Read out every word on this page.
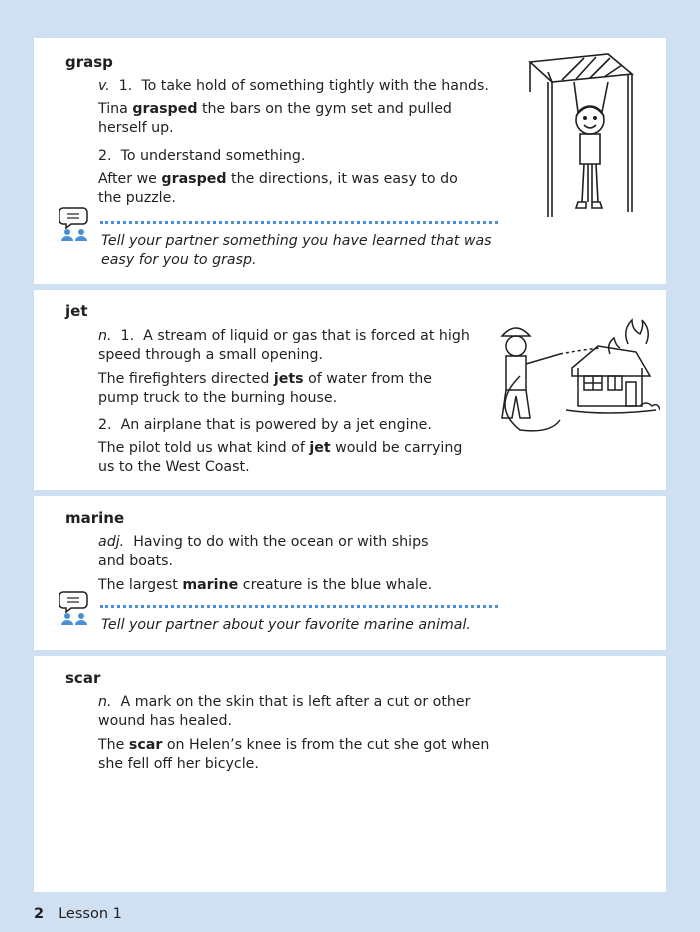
grasp
v. 1. To take hold of something tightly with the hands.
Tina grasped the bars on the gym set and pulled
herself up.
2. To understand something.
After we grasped the directions, it was easy to do
the puzzle.
Tell your partner something you have learned that was
easy for you to grasp.
jet
n. 1. A stream of liquid or gas that is forced at high
speed through a small opening.
The firefighters directed jets of water from the
pump truck to the burning house.
2. An airplane that is powered by a jet engine.
The pilot told us what kind of jet would be carrying
us to the West Coast.
marine
adj. Having to do with the ocean or with ships
and boats.
The largest marine creature is the blue whale.
Tell your partner about your favorite marine animal.
scar
n. A mark on the skin that is left after a cut or other
wound has healed.
The scar on Helen’s knee is from the cut she got when
she fell off her bicycle.
2 Lesson 1
